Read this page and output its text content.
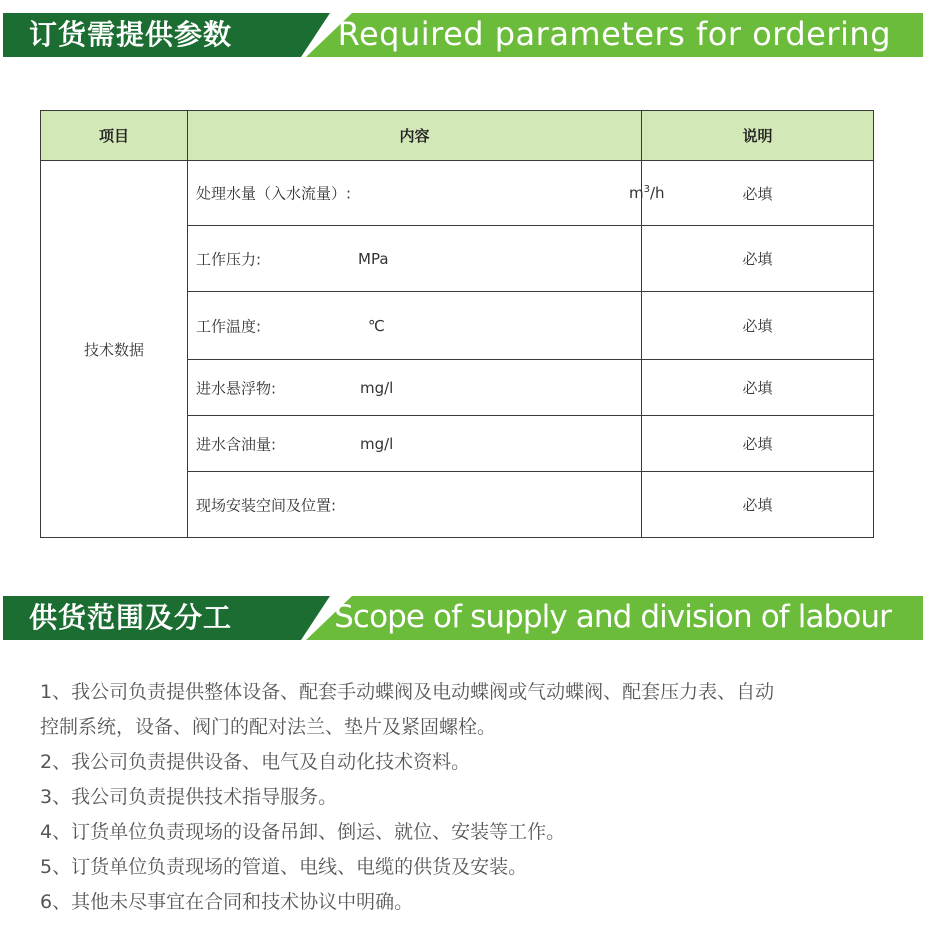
订货需提供参数	Required parameters for ordering
项目	内容	说明
技术数据	处理水量（入水流量）: $m^3/h$	必填

	工作压力: MPa	必填

	工作温度: ℃	必填

	进水悬浮物: mg/l	必填

	进水含油量: mg/l	必填

	现场安装空间及位置:	必填
供货范围及分工	Scope of supply and division of labour
1、我公司负责提供整体设备、配套手动蝶阀及电动蝶阀或气动蝶阀、配套压力表、自动
控制系统，设备、阀门的配对法兰、垫片及紧固螺栓。
2、我公司负责提供设备、电气及自动化技术资料。
3、我公司负责提供技术指导服务。
4、订货单位负责现场的设备吊卸、倒运、就位、安装等工作。
5、订货单位负责现场的管道、电线、电缆的供货及安装。
6、其他未尽事宜在合同和技术协议中明确。
